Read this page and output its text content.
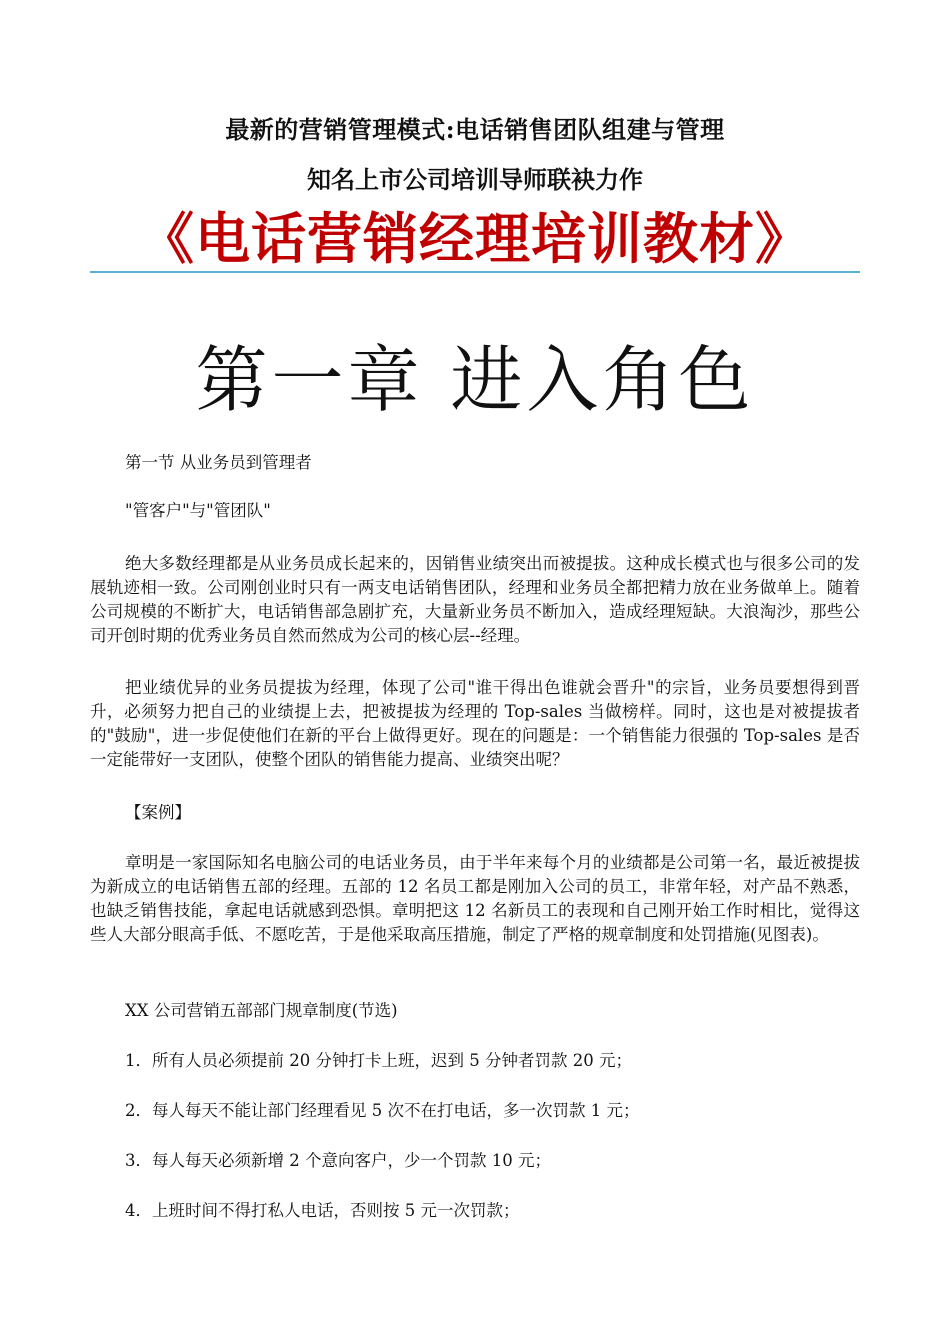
最新的营销管理模式:电话销售团队组建与管理
知名上市公司培训导师联袂力作
《电话营销经理培训教材》
第一章 进入角色

第一节 从业务员到管理者

"管客户"与"管团队"

绝大多数经理都是从业务员成长起来的，因销售业绩突出而被提拔。这种成长模式也与很多公司的发展轨迹相一致。公司刚创业时只有一两支电话销售团队，经理和业务员全都把精力放在业务做单上。随着公司规模的不断扩大，电话销售部急剧扩充，大量新业务员不断加入，造成经理短缺。大浪淘沙，那些公司开创时期的优秀业务员自然而然成为公司的核心层--经理。

把业绩优异的业务员提拔为经理，体现了公司"谁干得出色谁就会晋升"的宗旨，业务员要想得到晋升，必须努力把自己的业绩提上去，把被提拔为经理的 Top-sales 当做榜样。同时，这也是对被提拔者的"鼓励"，进一步促使他们在新的平台上做得更好。现在的问题是：一个销售能力很强的 Top-sales 是否一定能带好一支团队，使整个团队的销售能力提高、业绩突出呢？

【案例】

章明是一家国际知名电脑公司的电话业务员，由于半年来每个月的业绩都是公司第一名，最近被提拔为新成立的电话销售五部的经理。五部的 12 名员工都是刚加入公司的员工，非常年轻，对产品不熟悉，也缺乏销售技能，拿起电话就感到恐惧。章明把这 12 名新员工的表现和自己刚开始工作时相比，觉得这些人大部分眼高手低、不愿吃苦，于是他采取高压措施，制定了严格的规章制度和处罚措施(见图表)。

XX 公司营销五部部门规章制度(节选)

1．所有人员必须提前 20 分钟打卡上班，迟到 5 分钟者罚款 20 元；

2．每人每天不能让部门经理看见 5 次不在打电话，多一次罚款 1 元；

3．每人每天必须新增 2 个意向客户，少一个罚款 10 元；

4．上班时间不得打私人电话，否则按 5 元一次罚款；
